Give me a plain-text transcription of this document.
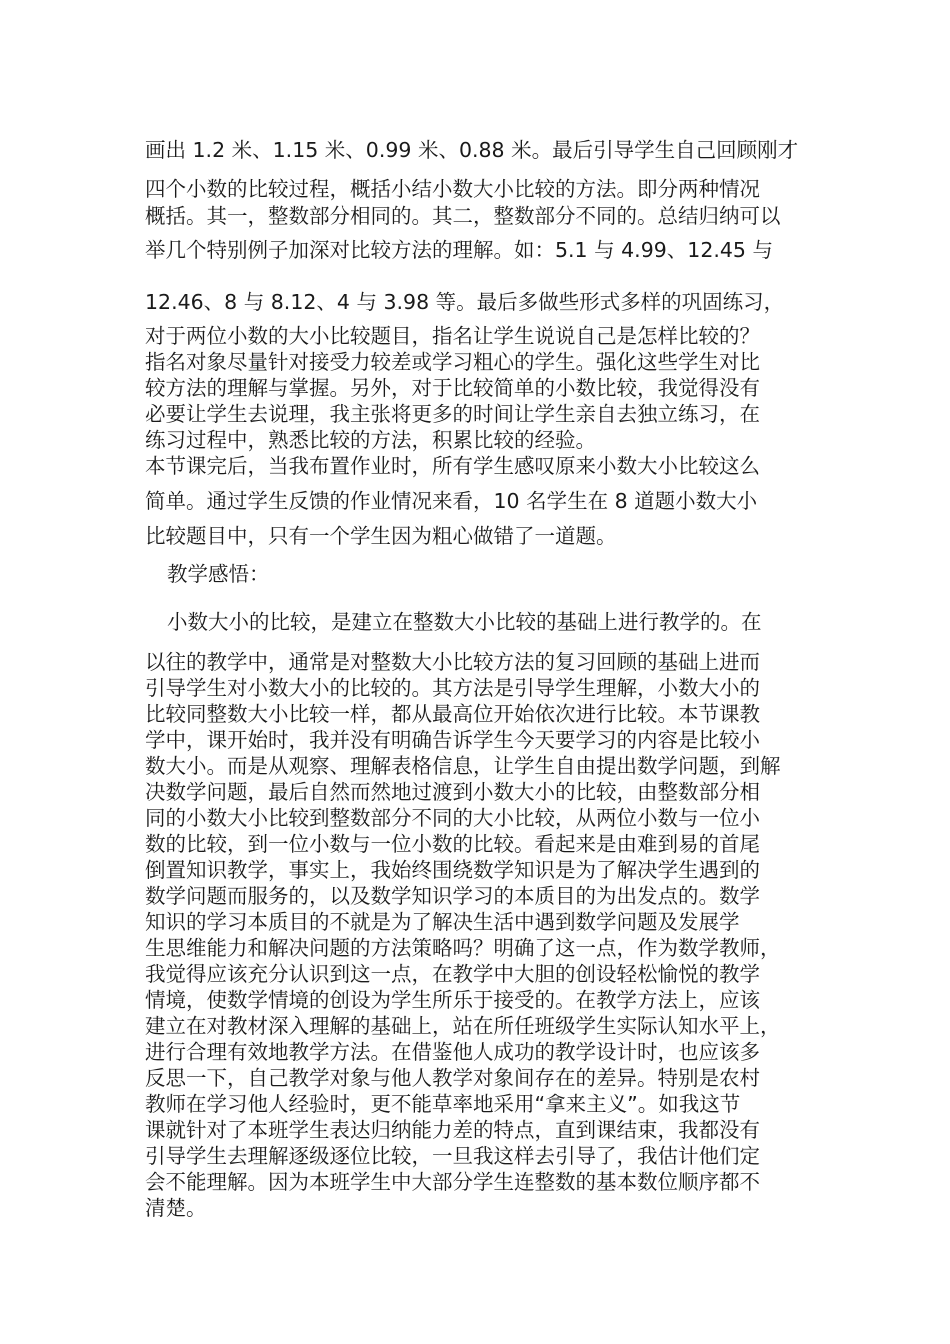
画出 1.2 米、1.15 米、0.99 米、0.88 米。最后引导学生自己回顾刚才

四个小数的比较过程，概括小结小数大小比较的方法。即分两种情况

概括。其一，整数部分相同的。其二，整数部分不同的。总结归纳可以

举几个特别例子加深对比较方法的理解。如：5.1 与 4.99、12.45 与

12.46、8 与 8.12、4 与 3.98 等。最后多做些形式多样的巩固练习，

对于两位小数的大小比较题目，指名让学生说说自己是怎样比较的？

指名对象尽量针对接受力较差或学习粗心的学生。强化这些学生对比

较方法的理解与掌握。另外，对于比较简单的小数比较，我觉得没有

必要让学生去说理，我主张将更多的时间让学生亲自去独立练习，在

练习过程中，熟悉比较的方法，积累比较的经验。

本节课完后，当我布置作业时，所有学生感叹原来小数大小比较这么

简单。通过学生反馈的作业情况来看，10 名学生在 8 道题小数大小

比较题目中，只有一个学生因为粗心做错了一道题。

教学感悟：

小数大小的比较，是建立在整数大小比较的基础上进行教学的。在

以往的教学中，通常是对整数大小比较方法的复习回顾的基础上进而

引导学生对小数大小的比较的。其方法是引导学生理解，小数大小的

比较同整数大小比较一样，都从最高位开始依次进行比较。本节课教

学中，课开始时，我并没有明确告诉学生今天要学习的内容是比较小

数大小。而是从观察、理解表格信息，让学生自由提出数学问题，到解

决数学问题，最后自然而然地过渡到小数大小的比较，由整数部分相

同的小数大小比较到整数部分不同的大小比较，从两位小数与一位小

数的比较，到一位小数与一位小数的比较。看起来是由难到易的首尾

倒置知识教学，事实上，我始终围绕数学知识是为了解决学生遇到的

数学问题而服务的，以及数学知识学习的本质目的为出发点的。数学

知识的学习本质目的不就是为了解决生活中遇到数学问题及发展学

生思维能力和解决问题的方法策略吗？明确了这一点，作为数学教师，

我觉得应该充分认识到这一点，在教学中大胆的创设轻松愉悦的教学

情境，使数学情境的创设为学生所乐于接受的。在教学方法上，应该

建立在对教材深入理解的基础上，站在所任班级学生实际认知水平上，

进行合理有效地教学方法。在借鉴他人成功的教学设计时，也应该多

反思一下，自己教学对象与他人教学对象间存在的差异。特别是农村

教师在学习他人经验时，更不能草率地采用“拿来主义”。如我这节

课就针对了本班学生表达归纳能力差的特点，直到课结束，我都没有

引导学生去理解逐级逐位比较，一旦我这样去引导了，我估计他们定

会不能理解。因为本班学生中大部分学生连整数的基本数位顺序都不

清楚。
